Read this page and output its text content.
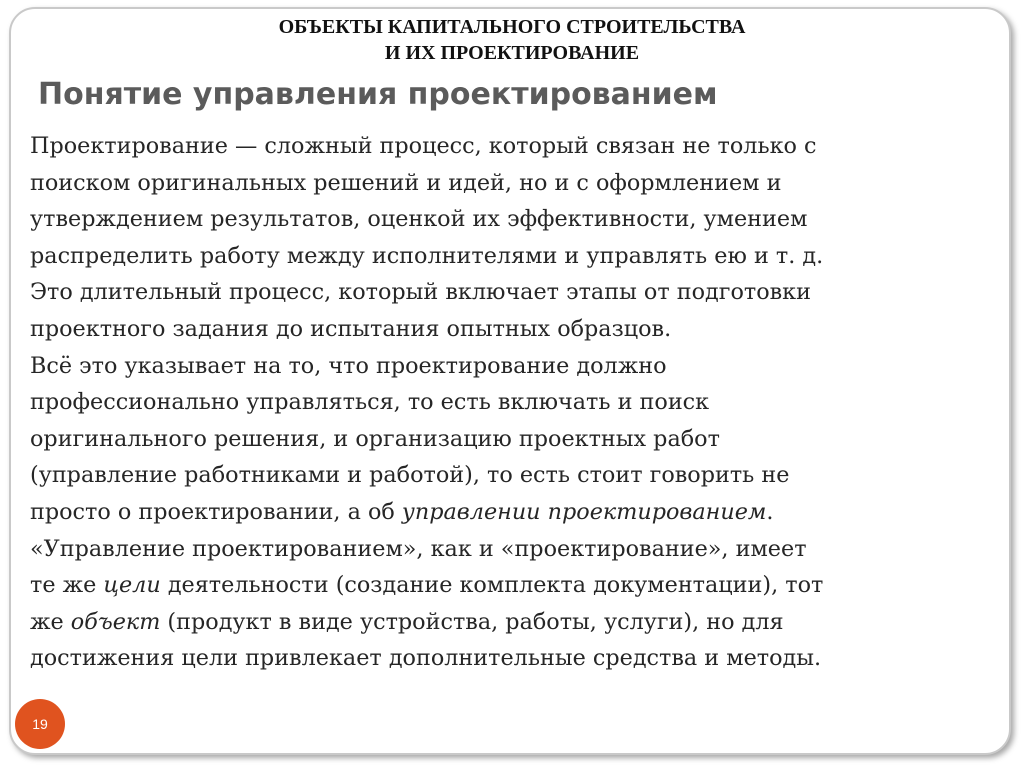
ОБЪЕКТЫ КАПИТАЛЬНОГО СТРОИТЕЛЬСТВА
И ИХ ПРОЕКТИРОВАНИЕ
Понятие управления проектированием
Проектирование — сложный процесс, который связан не только с
поиском оригинальных решений и идей, но и с оформлением и
утверждением результатов, оценкой их эффективности, умением
распределить работу между исполнителями и управлять ею и т. д.
Это длительный процесс, который включает этапы от подготовки
проектного задания до испытания опытных образцов.
Всё это указывает на то, что проектирование должно
профессионально управляться, то есть включать и поиск
оригинального решения, и организацию проектных работ
(управление работниками и работой), то есть стоит говорить не
просто о проектировании, а об управлении проектированием.
«Управление проектированием», как и «проектирование», имеет
те же цели деятельности (создание комплекта документации), тот
же объект (продукт в виде устройства, работы, услуги), но для
достижения цели привлекает дополнительные средства и методы.
19
